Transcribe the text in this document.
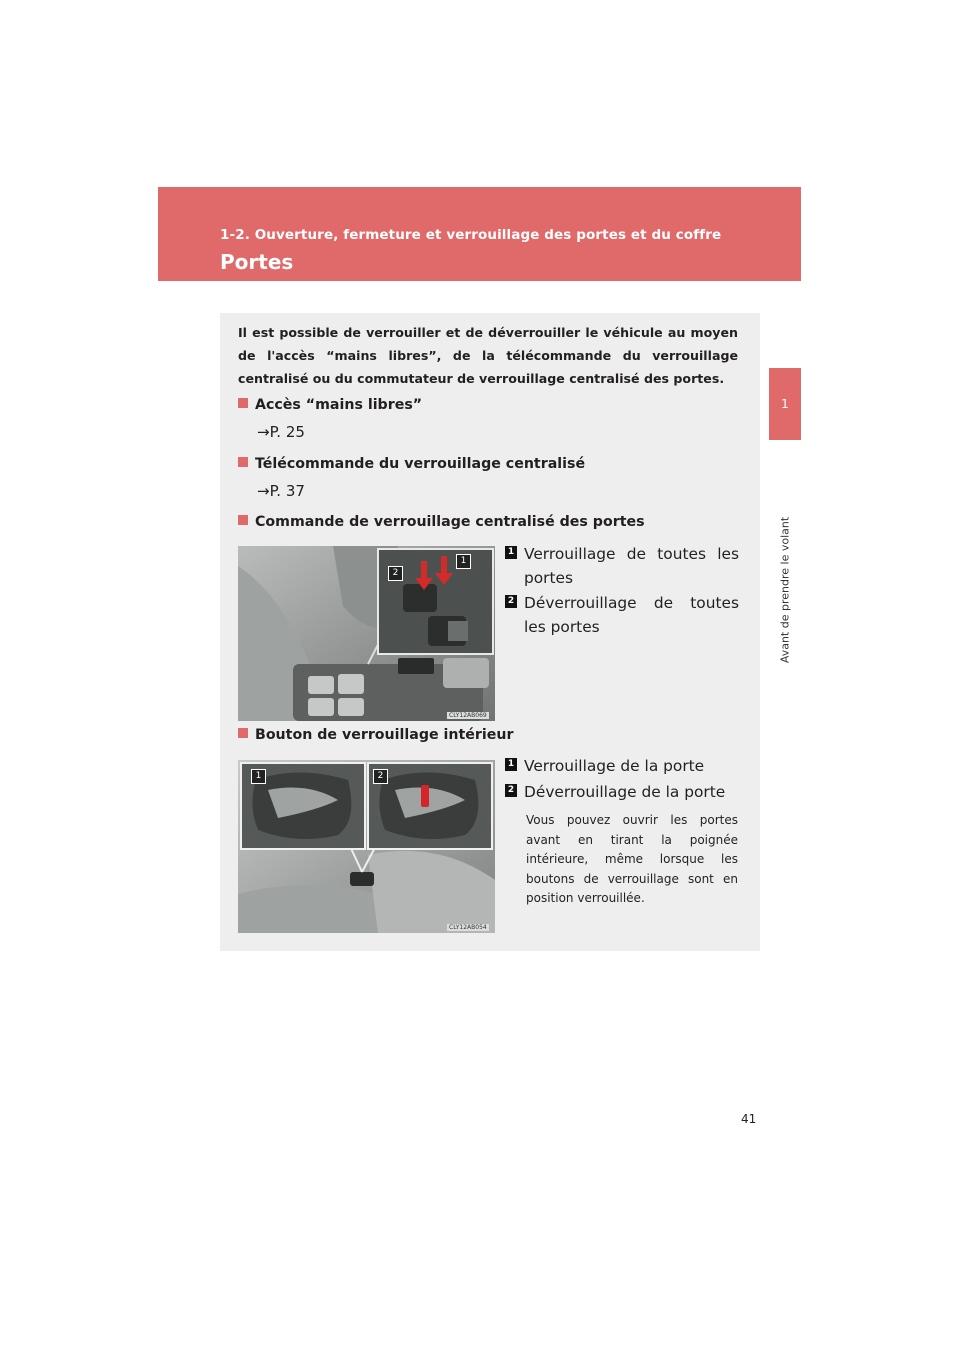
1-2. Ouverture, fermeture et verrouillage des portes et du coffre
Portes
1
Avant de prendre le volant
Il est possible de verrouiller et de déverrouiller le véhicule au moyen de l'accès “mains libres”, de la télécommande du verrouillage centralisé ou du commutateur de verrouillage centralisé des portes.
Accès “mains libres”
→P. 25
Télécommande du verrouillage centralisé
→P. 37
Commande de verrouillage centralisé des portes
2
1
CLY12AB069
1 Verrouillage de toutes les portes
2 Déverrouillage de toutes les portes
Bouton de verrouillage intérieur
1	2
CLY12AB054
1 Verrouillage de la porte
2 Déverrouillage de la porte
Vous pouvez ouvrir les portes avant en tirant la poignée intérieure, même lorsque les boutons de verrouillage sont en position verrouillée.
41
